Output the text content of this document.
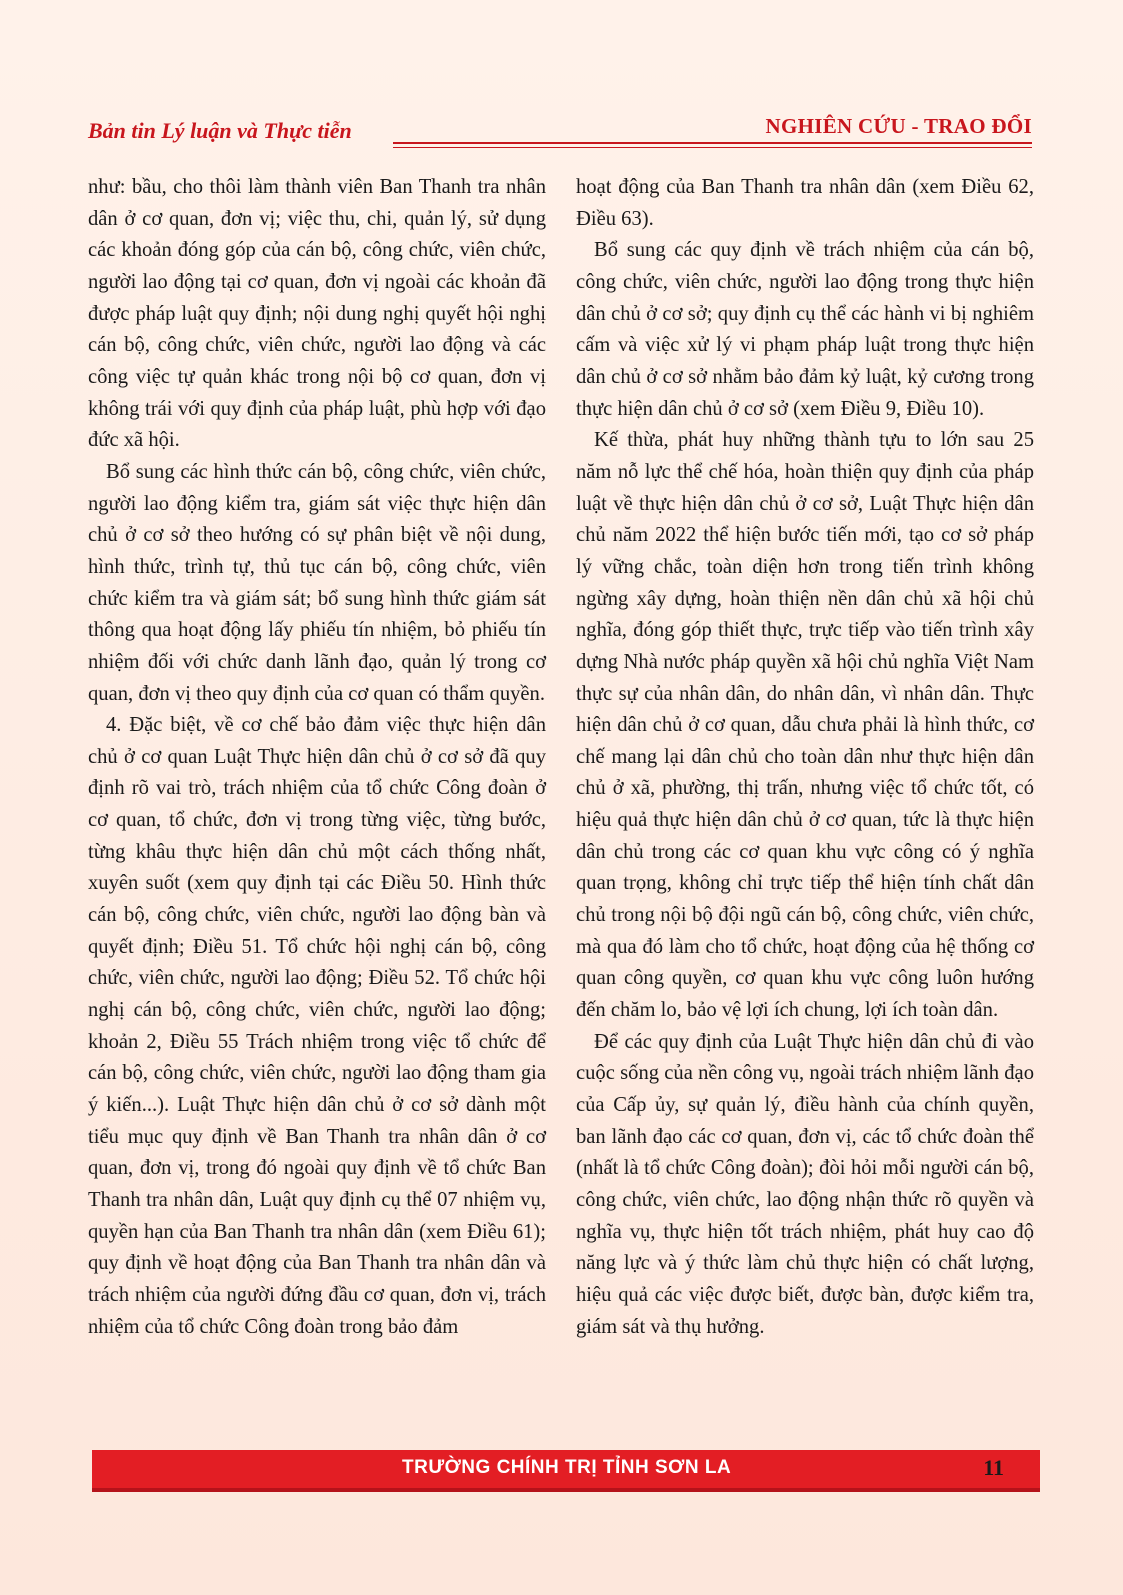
Bản tin Lý luận và Thực tiễn	NGHIÊN CỨU - TRAO ĐỔI

như: bầu, cho thôi làm thành viên Ban Thanh tra nhân dân ở cơ quan, đơn vị; việc thu, chi, quản lý, sử dụng các khoản đóng góp của cán bộ, công chức, viên chức, người lao động tại cơ quan, đơn vị ngoài các khoản đã được pháp luật quy định; nội dung nghị quyết hội nghị cán bộ, công chức, viên chức, người lao động và các công việc tự quản khác trong nội bộ cơ quan, đơn vị không trái với quy định của pháp luật, phù hợp với đạo đức xã hội.

Bổ sung các hình thức cán bộ, công chức, viên chức, người lao động kiểm tra, giám sát việc thực hiện dân chủ ở cơ sở theo hướng có sự phân biệt về nội dung, hình thức, trình tự, thủ tục cán bộ, công chức, viên chức kiểm tra và giám sát; bổ sung hình thức giám sát thông qua hoạt động lấy phiếu tín nhiệm, bỏ phiếu tín nhiệm đối với chức danh lãnh đạo, quản lý trong cơ quan, đơn vị theo quy định của cơ quan có thẩm quyền.

4. Đặc biệt, về cơ chế bảo đảm việc thực hiện dân chủ ở cơ quan Luật Thực hiện dân chủ ở cơ sở đã quy định rõ vai trò, trách nhiệm của tổ chức Công đoàn ở cơ quan, tổ chức, đơn vị trong từng việc, từng bước, từng khâu thực hiện dân chủ một cách thống nhất, xuyên suốt (xem quy định tại các Điều 50. Hình thức cán bộ, công chức, viên chức, người lao động bàn và quyết định; Điều 51. Tổ chức hội nghị cán bộ, công chức, viên chức, người lao động; Điều 52. Tổ chức hội nghị cán bộ, công chức, viên chức, người lao động; khoản 2, Điều 55 Trách nhiệm trong việc tổ chức để cán bộ, công chức, viên chức, người lao động tham gia ý kiến...). Luật Thực hiện dân chủ ở cơ sở dành một tiểu mục quy định về Ban Thanh tra nhân dân ở cơ quan, đơn vị, trong đó ngoài quy định về tổ chức Ban Thanh tra nhân dân, Luật quy định cụ thể 07 nhiệm vụ, quyền hạn của Ban Thanh tra nhân dân (xem Điều 61); quy định về hoạt động của Ban Thanh tra nhân dân và trách nhiệm của người đứng đầu cơ quan, đơn vị, trách nhiệm của tổ chức Công đoàn trong bảo đảm

hoạt động của Ban Thanh tra nhân dân (xem Điều 62, Điều 63).

Bổ sung các quy định về trách nhiệm của cán bộ, công chức, viên chức, người lao động trong thực hiện dân chủ ở cơ sở; quy định cụ thể các hành vi bị nghiêm cấm và việc xử lý vi phạm pháp luật trong thực hiện dân chủ ở cơ sở nhằm bảo đảm kỷ luật, kỷ cương trong thực hiện dân chủ ở cơ sở (xem Điều 9, Điều 10).

Kế thừa, phát huy những thành tựu to lớn sau 25 năm nỗ lực thể chế hóa, hoàn thiện quy định của pháp luật về thực hiện dân chủ ở cơ sở, Luật Thực hiện dân chủ năm 2022 thể hiện bước tiến mới, tạo cơ sở pháp lý vững chắc, toàn diện hơn trong tiến trình không ngừng xây dựng, hoàn thiện nền dân chủ xã hội chủ nghĩa, đóng góp thiết thực, trực tiếp vào tiến trình xây dựng Nhà nước pháp quyền xã hội chủ nghĩa Việt Nam thực sự của nhân dân, do nhân dân, vì nhân dân. Thực hiện dân chủ ở cơ quan, dẫu chưa phải là hình thức, cơ chế mang lại dân chủ cho toàn dân như thực hiện dân chủ ở xã, phường, thị trấn, nhưng việc tổ chức tốt, có hiệu quả thực hiện dân chủ ở cơ quan, tức là thực hiện dân chủ trong các cơ quan khu vực công có ý nghĩa quan trọng, không chỉ trực tiếp thể hiện tính chất dân chủ trong nội bộ đội ngũ cán bộ, công chức, viên chức, mà qua đó làm cho tổ chức, hoạt động của hệ thống cơ quan công quyền, cơ quan khu vực công luôn hướng đến chăm lo, bảo vệ lợi ích chung, lợi ích toàn dân.

Để các quy định của Luật Thực hiện dân chủ đi vào cuộc sống của nền công vụ, ngoài trách nhiệm lãnh đạo của Cấp ủy, sự quản lý, điều hành của chính quyền, ban lãnh đạo các cơ quan, đơn vị, các tổ chức đoàn thể (nhất là tổ chức Công đoàn); đòi hỏi mỗi người cán bộ, công chức, viên chức, lao động nhận thức rõ quyền và nghĩa vụ, thực hiện tốt trách nhiệm, phát huy cao độ năng lực và ý thức làm chủ thực hiện có chất lượng, hiệu quả các việc được biết, được bàn, được kiểm tra, giám sát và thụ hưởng.

TRƯỜNG CHÍNH TRỊ TỈNH SƠN LA	11
